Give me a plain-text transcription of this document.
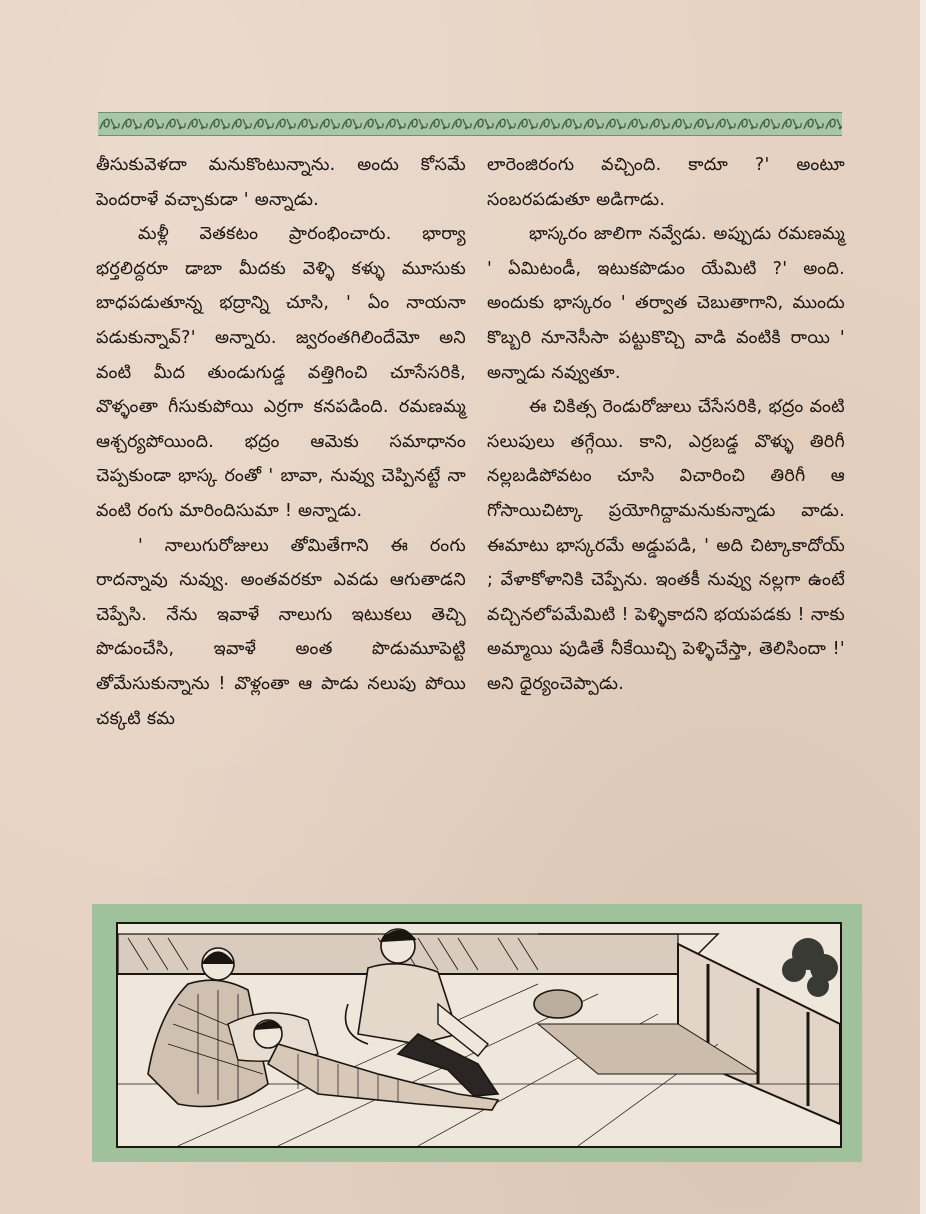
తీసుకువెళదా మనుకొంటున్నాను. అందు కోసమే పెందరాళే వచ్చాకుడా ' అన్నాడు.

మళ్లీ వెతకటం ప్రారంభించారు. భార్యా భర్తలిద్దరూ డాబా మీదకు వెళ్ళి కళ్ళు మూసుకు బాధపడుతూన్న భద్రాన్ని చూసి, ' ఏం నాయనా పడుకున్నావ్?' అన్నారు. జ్వరంతగిలిందేమో అని వంటి మీద తుండుగుడ్డ వత్తిగించి చూసేసరికి, వొళ్ళంతా గీసుకుపోయి ఎర్రగా కనపడింది. రమణమ్మ ఆశ్చర్యపోయింది. భద్రం ఆమెకు సమాధానం చెప్పకుండా భాస్క రంతో ' బావా, నువ్వు చెప్పినట్టే నా వంటి రంగు మారిందిసుమా ! అన్నాడు.

' నాలుగురోజులు తోమితేగాని ఈ రంగు రాదన్నావు నువ్వు. అంతవరకూ ఎవడు ఆగుతాడని చెప్పేసి. నేను ఇవాళే నాలుగు ఇటుకలు తెచ్చి పొడుంచేసి, ఇవాళే అంత పొడుమూపెట్టి తోమేసుకున్నాను ! వొళ్లంతా ఆ పాడు నలుపు పోయి చక్కటి కమ

లారెంజిరంగు వచ్చింది. కాదూ ?' అంటూ సంబరపడుతూ అడిగాడు.

భాస్కరం జాలిగా నవ్వేడు. అప్పుడు రమణమ్మ ' ఏమిటండీ, ఇటుకపొడుం యేమిటి ?' అంది. అందుకు భాస్కరం ' తర్వాత చెబుతాగాని, ముందు కొబ్బరి నూనెసీసా పట్టుకొచ్చి వాడి వంటికి రాయి ' అన్నాడు నవ్వుతూ.

ఈ చికిత్స రెండురోజులు చేసేసరికి, భద్రం వంటి సలుపులు తగ్గేయి. కాని, ఎర్రబడ్డ వొళ్ళు తిరిగీ నల్లబడిపోవటం చూసి విచారించి తిరిగీ ఆ గోసాయిచిట్కా ప్రయోగిద్దామనుకున్నాడు వాడు. ఈమాటు భాస్కరమే అడ్డుపడి, ' అది చిట్కాకాదోయ్ ; వేళాకోళానికి చెప్పేను. ఇంతకీ నువ్వు నల్లగా ఉంటే వచ్చినలోపమేమిటి ! పెళ్ళికాదని భయపడకు ! నాకు అమ్మాయి పుడితే నీకేయిచ్చి పెళ్ళిచేస్తా, తెలిసిందా !' అని ధైర్యంచెప్పాడు.
